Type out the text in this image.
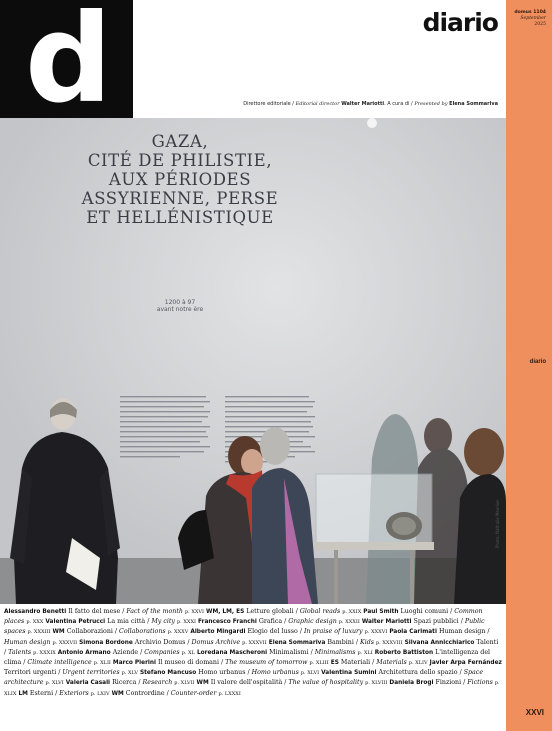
domus 1104
September
2025
diario
XXVI
d	diario
Direttore editoriale / Editorial director Walter Mariotti. A cura di / Presented by Elena Sommariva
GAZA,
CITÉ DE PHILISTIE,
AUX PÉRIODES
ASSYRIENNE, PERSE
ET HELLÉNISTIQUE
1200 à 97
avant notre ère
Photo: Nathalie Meunier
Alessandro Benetti Il fatto del mese / Fact of the month p. XXVI WM, LM, ES Letture globali / Global reads p. XXIX Paul Smith Luoghi comuni / Common places p. XXX Valentina Petrucci La mia città / My city p. XXXI Francesco Franchi Grafica / Graphic design p. XXXII Walter Mariotti Spazi pubblici / Public spaces p. XXXIII WM Collaborazioni / Collaborations p. XXXV Alberto Mingardi Elogio del lusso / In praise of luxury p. XXXVI Paola Carimati Human design / Human design p. XXXVII Simona Bordone Archivio Domus / Domus Archive p. XXXVII Elena Sommariva Bambini / Kids p. XXXVIII Silvana Annicchiarico Talenti / Talents p. XXXIX Antonio Armano Aziende / Companies p. XL Loredana Mascheroni Minimalismi / Minimalisms p. XLI Roberto Battiston L'intelligenza del clima / Climate intelligence p. XLII Marco Pierini Il museo di domani / The museum of tomorrow p. XLIII ES Materiali / Materials p. XLIV Javier Arpa Fernández Territori urgenti / Urgent territories p. XLV Stefano Mancuso Homo urbanus / Homo urbanus p. XLVI Valentina Sumini Architettura dello spazio / Space architecture p. XLVI Valeria Casali Ricerca / Research p. XLVII WM Il valore dell'ospitalità / The value of hospitality p. XLVIII Daniela Brogi Finzioni / Fictions p. XLIX LM Esterni / Exteriors p. LXIV WM Contrordine / Counter-order p. LXXXI
